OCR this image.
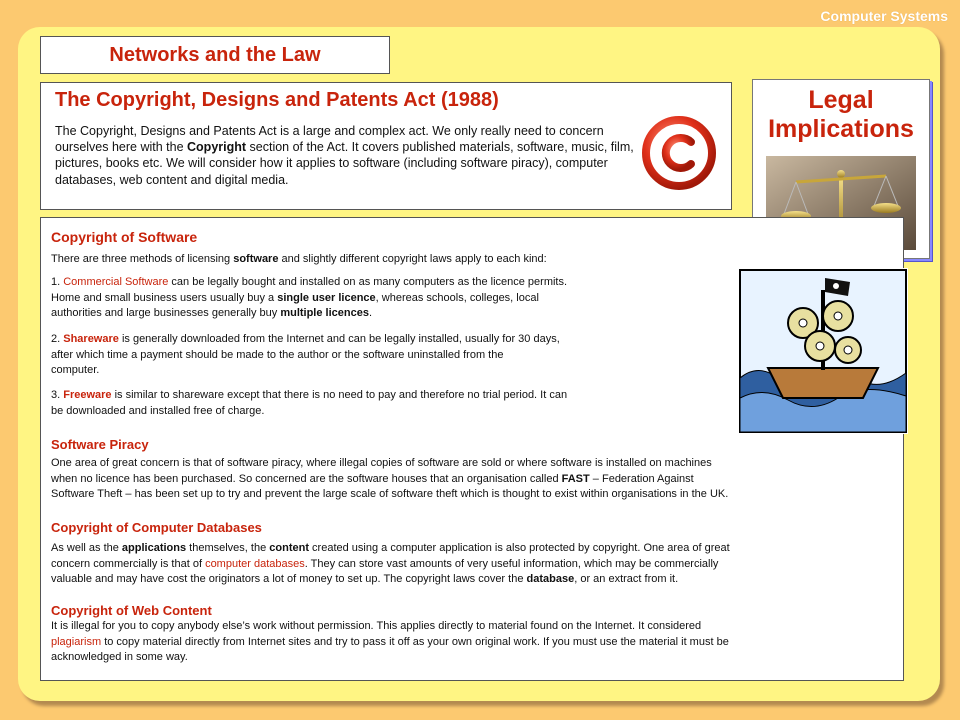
Computer Systems
Networks and the Law
The Copyright, Designs and Patents Act (1988)
The Copyright, Designs and Patents Act is a large and complex act. We only really need to concern ourselves here with the Copyright section of the Act. It covers published materials, software, music, film, pictures, books etc. We will consider how it applies to software (including software piracy), computer databases, web content and digital media.
Legal
Implications
Copyright of Software
There are three methods of licensing software and slightly different copyright laws apply to each kind:
1. Commercial Software can be legally bought and installed on as many computers as the licence permits.
Home and small business users usually buy a single user licence, whereas schools, colleges, local
authorities and large businesses generally buy multiple licences.
2. Shareware is generally downloaded from the Internet and can be legally installed, usually for 30 days,
after which time a payment should be made to the author or the software uninstalled from the
computer.
3. Freeware is similar to shareware except that there is no need to pay and therefore no trial period. It can
be downloaded and installed free of charge.
Software Piracy
One area of great concern is that of software piracy, where illegal copies of software are sold or where software is installed on machines
when no licence has been purchased. So concerned are the software houses that an organisation called FAST – Federation Against
Software Theft – has been set up to try and prevent the large scale of software theft which is thought to exist within organisations in the UK.
Copyright of Computer Databases
As well as the applications themselves, the content created using a computer application is also protected by copyright. One area of great
concern commercially is that of computer databases. They can store vast amounts of very useful information, which may be commercially
valuable and may have cost the originators a lot of money to set up. The copyright laws cover the database, or an extract from it.
Copyright of Web Content
It is illegal for you to copy anybody else’s work without permission. This applies directly to material found on the Internet. It considered
plagiarism to copy material directly from Internet sites and try to pass it off as your own original work. If you must use the material it must be
acknowledged in some way.
